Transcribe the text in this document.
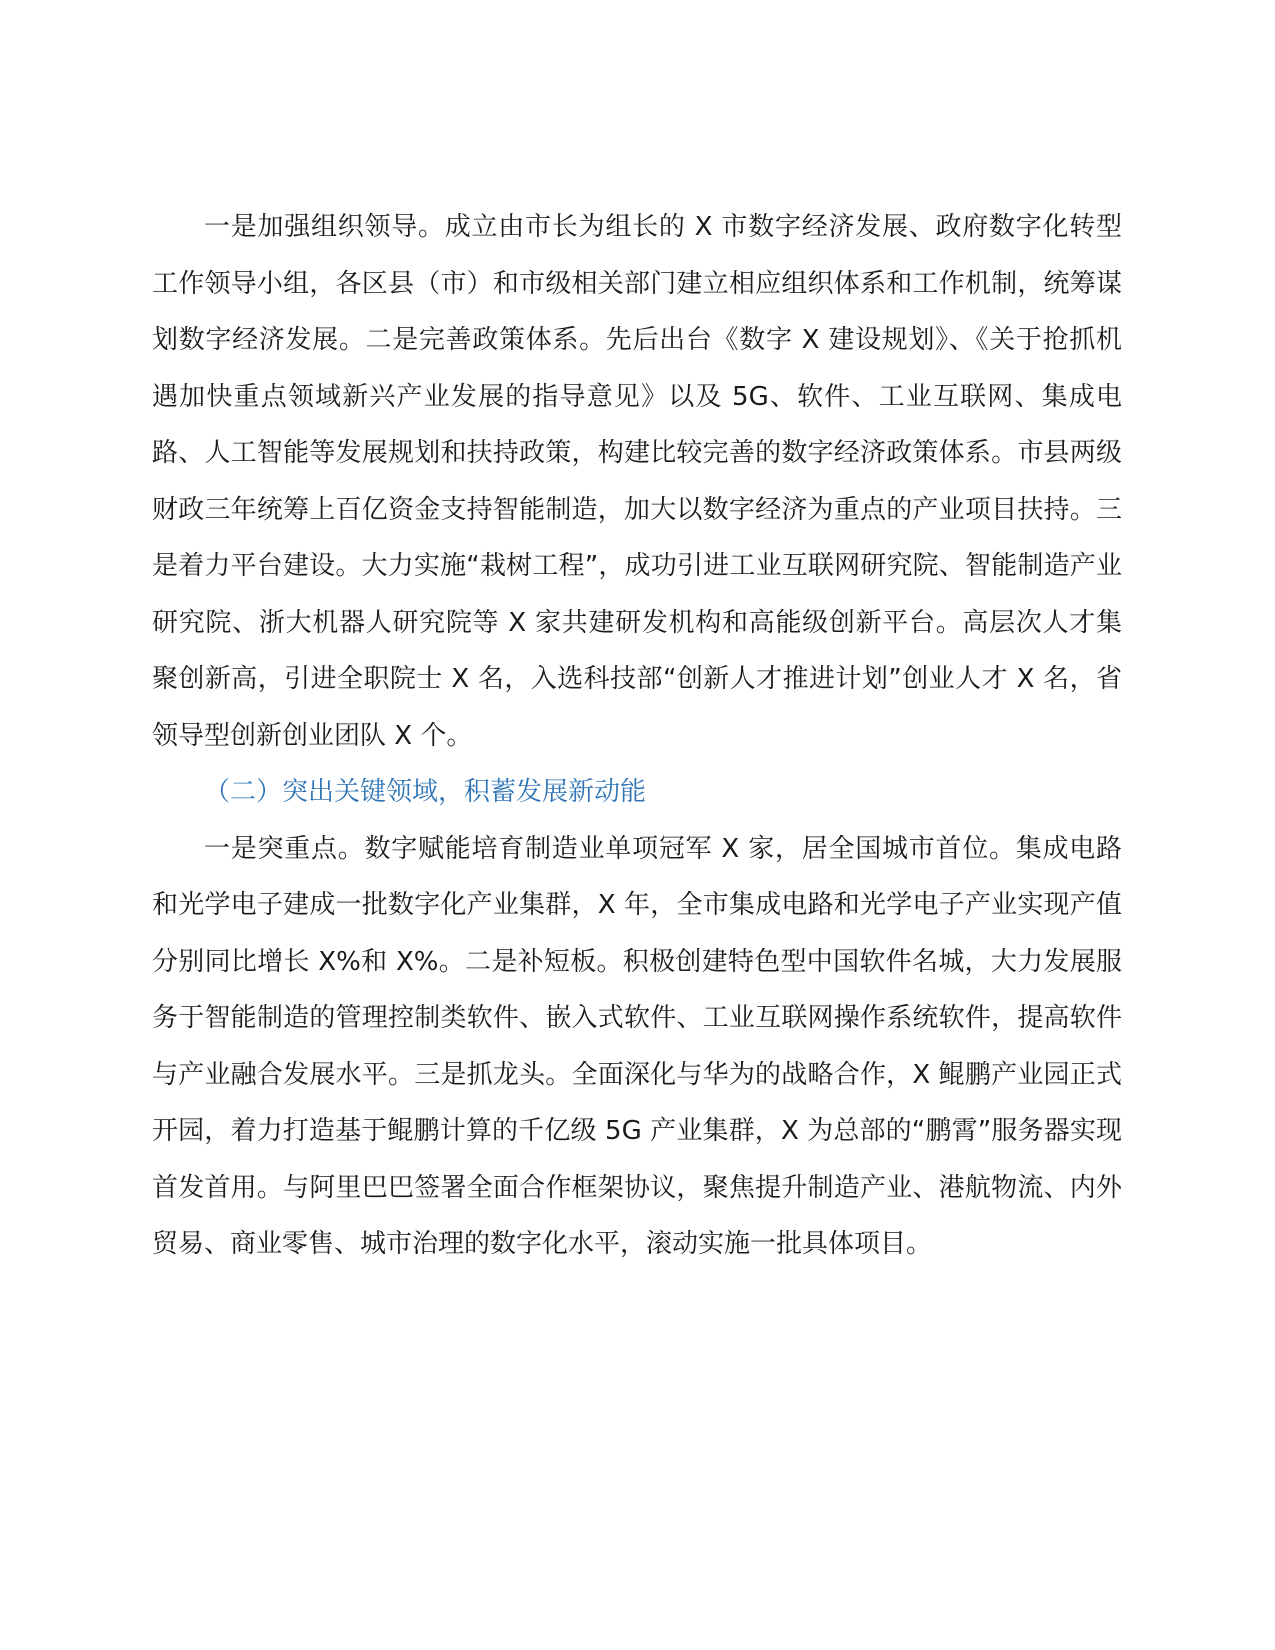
一是加强组织领导。成立由市长为组长的 X 市数字经济发展、政府数字化转型工作领导小组，各区县（市）和市级相关部门建立相应组织体系和工作机制，统筹谋划数字经济发展。二是完善政策体系。先后出台《数字 X 建设规划》、《关于抢抓机遇加快重点领域新兴产业发展的指导意见》以及 5G、软件、工业互联网、集成电路、人工智能等发展规划和扶持政策，构建比较完善的数字经济政策体系。市县两级财政三年统筹上百亿资金支持智能制造，加大以数字经济为重点的产业项目扶持。三是着力平台建设。大力实施“栽树工程”，成功引进工业互联网研究院、智能制造产业研究院、浙大机器人研究院等 X 家共建研发机构和高能级创新平台。高层次人才集聚创新高，引进全职院士 X 名，入选科技部“创新人才推进计划”创业人才 X 名，省领导型创新创业团队 X 个。

（二）突出关键领域，积蓄发展新动能

一是突重点。数字赋能培育制造业单项冠军 X 家，居全国城市首位。集成电路和光学电子建成一批数字化产业集群，X 年，全市集成电路和光学电子产业实现产值分别同比增长 X%和 X%。二是补短板。积极创建特色型中国软件名城，大力发展服务于智能制造的管理控制类软件、嵌入式软件、工业互联网操作系统软件，提高软件与产业融合发展水平。三是抓龙头。全面深化与华为的战略合作，X 鲲鹏产业园正式开园，着力打造基于鲲鹏计算的千亿级 5G 产业集群，X 为总部的“鹏霄”服务器实现首发首用。与阿里巴巴签署全面合作框架协议，聚焦提升制造产业、港航物流、内外贸易、商业零售、城市治理的数字化水平，滚动实施一批具体项目。
